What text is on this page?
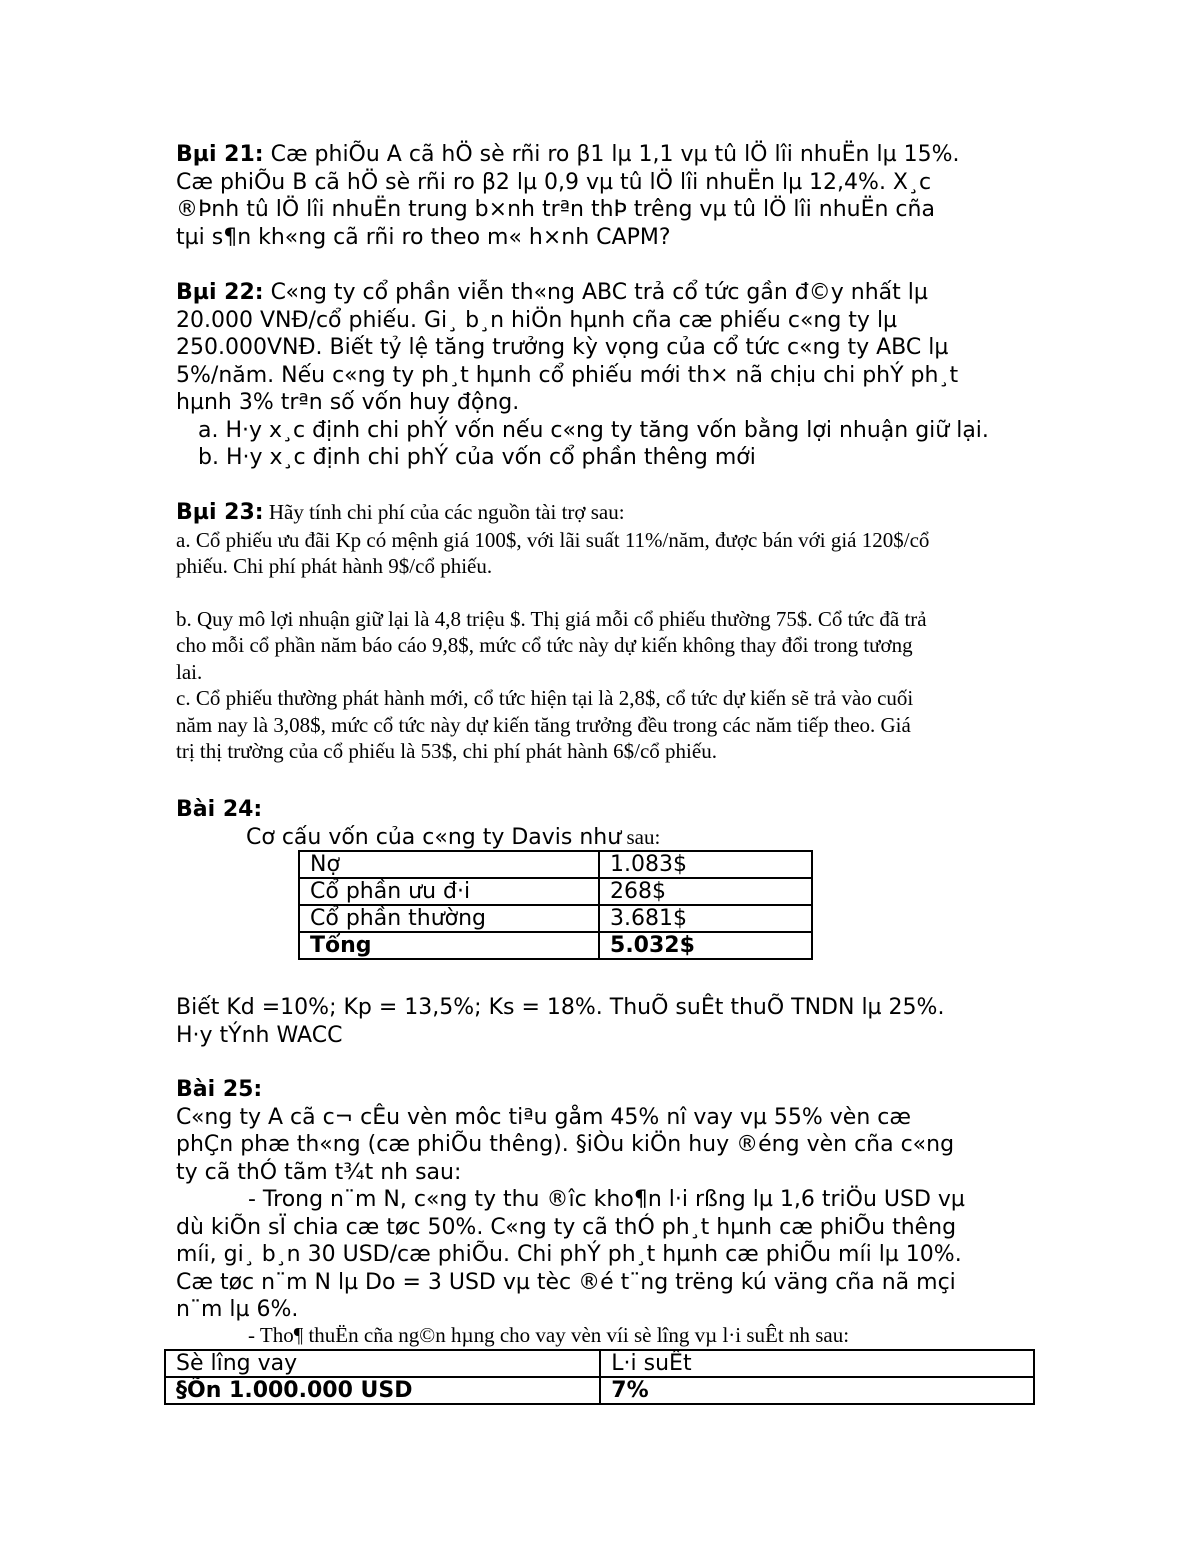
Bµi 21: Cæ phiÕu A cã hÖ sè rñi ro β1 lµ 1,1 vµ tû lÖ lîi nhuËn lµ 15%.
Cæ phiÕu B cã hÖ sè rñi ro β2 lµ 0,9 vµ tû lÖ lîi nhuËn lµ 12,4%. X¸c
®Þnh tû lÖ lîi nhuËn trung b×nh trªn thÞ trêng vµ tû lÖ lîi nhuËn cña
tµi s¶n kh«ng cã rñi ro theo m« h×nh CAPM?
Bµi 22: C«ng ty cổ phần viễn th«ng ABC trả cổ tức gần đ©y nhất lµ
20.000 VNĐ/cổ phiếu. Gi¸ b¸n hiÖn hµnh cña cæ phiếu c«ng ty lµ
250.000VNĐ. Biết tỷ lệ tăng trưởng kỳ vọng của cổ tức c«ng ty ABC lµ
5%/năm. Nếu c«ng ty ph¸t hµnh cổ phiếu mới th× nã chịu chi phÝ ph¸t
hµnh 3% trªn số vốn huy động.
a. H·y x¸c định chi phÝ vốn nếu c«ng ty tăng vốn bằng lợi nhuận giữ lại.
b. H·y x¸c định chi phÝ của vốn cổ phần thêng mới
Bµi 23: Hãy tính chi phí của các nguồn tài trợ sau:
a. Cổ phiếu ưu đãi Kp có mệnh giá 100$, với lãi suất 11%/năm, được bán với giá 120$/cổ
phiếu. Chi phí phát hành 9$/cổ phiếu.
b. Quy mô lợi nhuận giữ lại là 4,8 triệu $. Thị giá mỗi cổ phiếu thường 75$. Cổ tức đã trả
cho mỗi cổ phần năm báo cáo 9,8$, mức cổ tức này dự kiến không thay đổi trong tương
lai.
c. Cổ phiếu thường phát hành mới, cổ tức hiện tại là 2,8$, cổ tức dự kiến sẽ trả vào cuối
năm nay là 3,08$, mức cổ tức này dự kiến tăng trưởng đều trong các năm tiếp theo. Giá
trị thị trường của cổ phiếu là 53$, chi phí phát hành 6$/cổ phiếu.
Bài 24:
Cơ cấu vốn của c«ng ty Davis như sau:
Nợ	1.083$
Cổ phần ưu đ·i	268$
Cổ phần thường	3.681$
Tổng	5.032$
Biết Kd =10%; Kp = 13,5%; Ks = 18%. ThuÕ suÊt thuÕ TNDN lµ 25%.
H·y tÝnh WACC
Bài 25:
C«ng ty A cã c¬ cÊu vèn môc tiªu gåm 45% nî vay vµ 55% vèn cæ
phÇn phæ th«ng (cæ phiÕu thêng). §iÒu kiÖn huy ®éng vèn cña c«ng
ty cã thÓ tãm t¾t nh sau:
- Trong n¨m N, c«ng ty thu ®îc kho¶n l·i rßng lµ 1,6 triÖu USD vµ
dù kiÕn sÏ chia cæ tøc 50%. C«ng ty cã thÓ ph¸t hµnh cæ phiÕu thêng
míi, gi¸ b¸n 30 USD/cæ phiÕu. Chi phÝ ph¸t hµnh cæ phiÕu míi lµ 10%.
Cæ tøc n¨m N lµ Do = 3 USD vµ tèc ®é t¨ng trëng kú väng cña nã mçi
n¨m lµ 6%.
- Tho¶ thuËn cña ng©n hµng cho vay vèn víi sè lîng vµ l·i suÊt nh sau:
Sè lîng vay	L·i suÊt
§Õn 1.000.000 USD	7%
